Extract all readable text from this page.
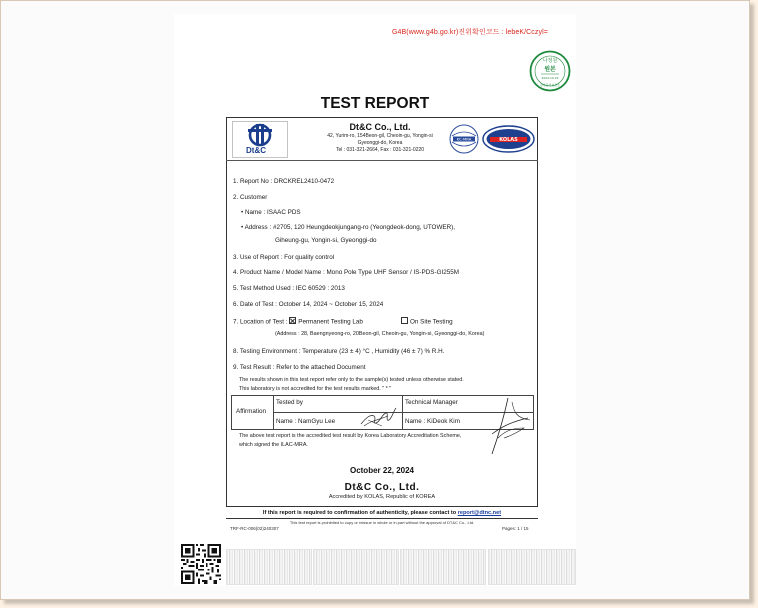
G4B(www.g4b.go.kr)진위확인코드 : lebeK/Cczyl=
나정원
원본
2024.10.22
전자문서보관소
TEST REPORT
Dt&C
Dt&C Co., Ltd.
42, Yurim-ro, 154Beon-gil, Cheoin-gu, Yongin-si
Gyeonggi-do, Korea
Tel : 031-321-2664, Fax : 031-321-0220
KC-MRA	KOLAS
1. Report No : DRCKREL2410-0472
2. Customer
• Name : ISAAC PDS
• Address : #2705, 120 Heungdeokjungang-ro (Yeongdeok-dong, UTOWER),
Giheung-gu, Yongin-si, Gyeonggi-do
3. Use of Report : For quality control
4. Product Name / Model Name : Mono Pole Type UHF Sensor / IS-PDS-GI255M
5. Test Method Used : IEC 60529 : 2013
6. Date of Test : October 14, 2024 ~ October 15, 2024
7. Location of Test : Permanent Testing Lab	On Site Testing
(Address : 28, Baengnyeong-ro, 20Beon-gil, Cheoin-gu, Yongin-si, Gyeonggi-do, Korea)
8. Testing Environment : Temperature (23 ± 4) °C , Humidity (46 ± 7) % R.H.
9. Test Result : Refer to the attached Document
The results shown in this test report refer only to the sample(s) tested unless otherwise stated.
This laboratory is not accredited for the test results marked. " * "
Affirmation
Tested by
Name : NamGyu Lee
Technical Manager
Name : KiDeok Kim
The above test report is the accredited test result by Korea Laboratory Accreditation Scheme,
which signed the ILAC-MRA.
October 22, 2024
Dt&C Co., Ltd.
Accredited by KOLAS, Republic of KOREA
If this report is required to confirmation of authenticity, please contact to report@dtnc.net
This test report is prohibited to copy or reissue in whole or in part without the approval of DT&C Co., Ltd.
TRF-RC-006(02)240307	Pages: 1 / 15
